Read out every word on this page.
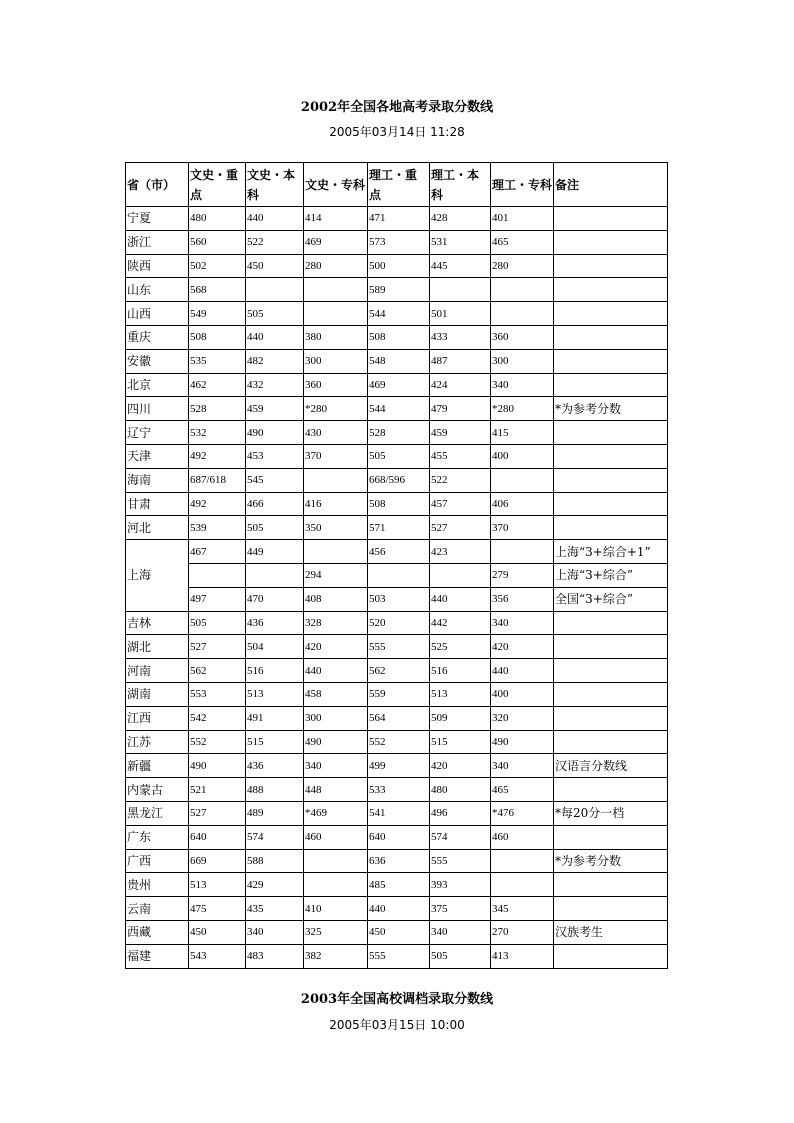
2002年全国各地高考录取分数线
2005年03月14日 11:28
省（市）	文史・重点	文史・本科	文史・专科	理工・重点	理工・本科	理工・专科	备注
宁夏	480	440	414	471	428	401	
浙江	560	522	469	573	531	465	
陕西	502	450	280	500	445	280	
山东	568			589			
山西	549	505		544	501		
重庆	508	440	380	508	433	360	
安徽	535	482	300	548	487	300	
北京	462	432	360	469	424	340	
四川	528	459	*280	544	479	*280	*为参考分数
辽宁	532	490	430	528	459	415	
天津	492	453	370	505	455	400	
海南	687/618	545		668/596	522		
甘肃	492	466	416	508	457	406	
河北	539	505	350	571	527	370	
上海	467	449		456	423		上海“3+综合+1”
			294			279	上海“3+综合”
	497	470	408	503	440	356	全国“3+综合”
吉林	505	436	328	520	442	340	
湖北	527	504	420	555	525	420	
河南	562	516	440	562	516	440	
湖南	553	513	458	559	513	400	
江西	542	491	300	564	509	320	
江苏	552	515	490	552	515	490	
新疆	490	436	340	499	420	340	汉语言分数线
内蒙古	521	488	448	533	480	465	
黑龙江	527	489	*469	541	496	*476	*每20分一档
广东	640	574	460	640	574	460	
广西	669	588		636	555		*为参考分数
贵州	513	429		485	393		
云南	475	435	410	440	375	345	
西藏	450	340	325	450	340	270	汉族考生
福建	543	483	382	555	505	413	
2003年全国高校调档录取分数线
2005年03月15日 10:00
